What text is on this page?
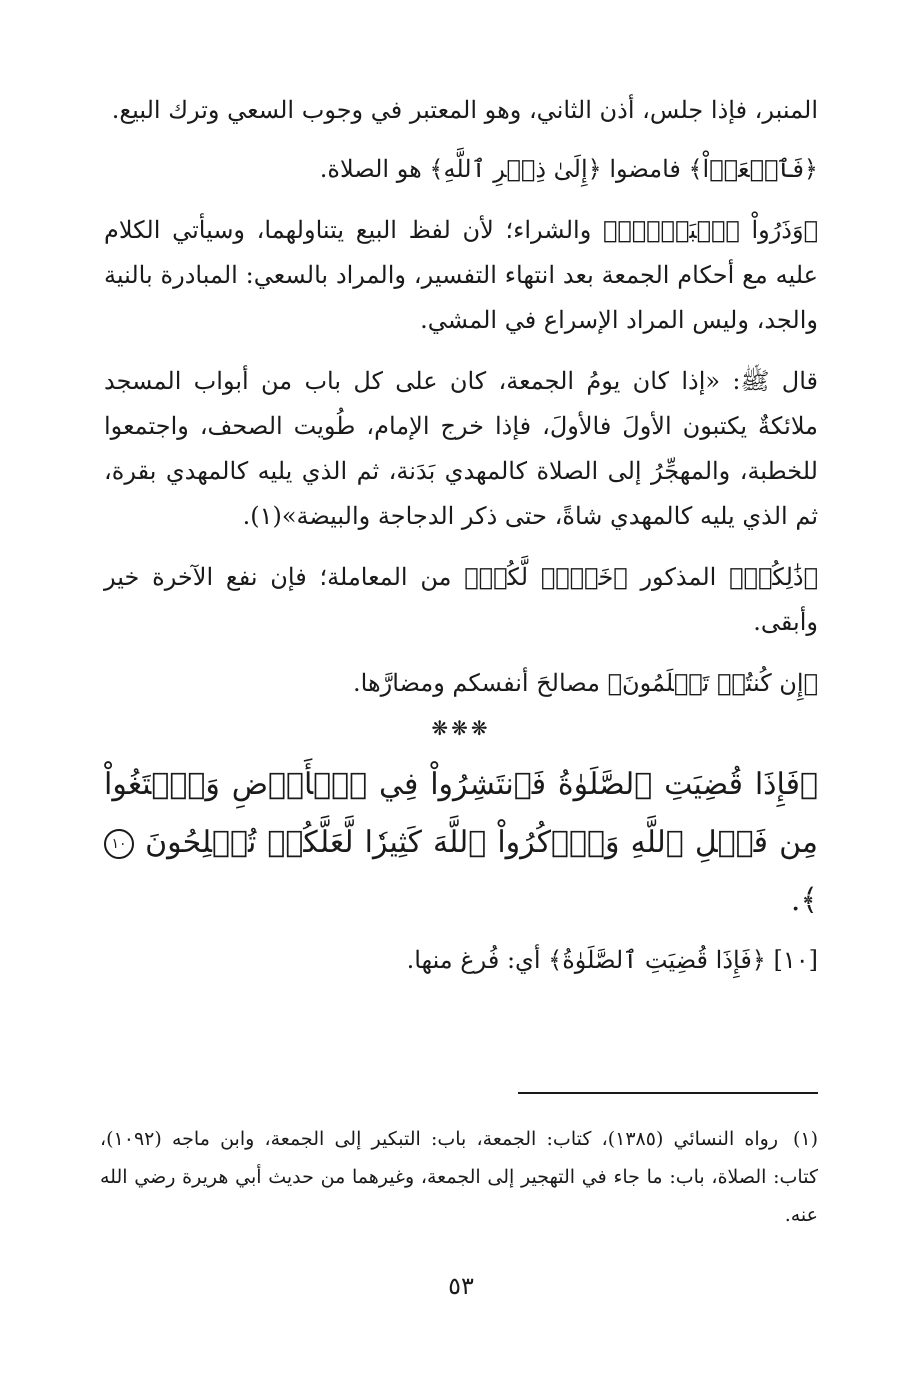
المنبر، فإذا جلس، أذن الثاني، وهو المعتبر في وجوب السعي وترك البيع.

﴿فَٱسۡعَوۡاْ﴾ فامضوا ﴿إِلَىٰ ذِكۡرِ ٱللَّهِ﴾ هو الصلاة.

﴿وَذَرُواْ ٱلۡبَيۡعَۚ﴾ والشراء؛ لأن لفظ البيع يتناولهما، وسيأتي الكلام عليه مع أحكام الجمعة بعد انتهاء التفسير، والمراد بالسعي: المبادرة بالنية والجد، وليس المراد الإسراع في المشي.

قال ﷺ: «إذا كان يومُ الجمعة، كان على كل باب من أبواب المسجد ملائكةٌ يكتبون الأولَ فالأولَ، فإذا خرج الإمام، طُويت الصحف، واجتمعوا للخطبة، والمهجِّرُ إلى الصلاة كالمهدي بَدَنة، ثم الذي يليه كالمهدي بقرة، ثم الذي يليه كالمهدي شاةً، حتى ذكر الدجاجة والبيضة»(١).

﴿ذَٰلِكُمۡ﴾ المذكور ﴿خَيۡرٞ لَّكُمۡ﴾ من المعاملة؛ فإن نفع الآخرة خير وأبقى.

﴿إِن كُنتُمۡ تَعۡلَمُونَ﴾ مصالحَ أنفسكم ومضارَّها.

❋❋❋

﴿فَإِذَا قُضِيَتِ ٱلصَّلَوٰةُ فَٱنتَشِرُواْ فِي ٱلۡأَرۡضِ وَٱبۡتَغُواْ مِن فَضۡلِ ٱللَّهِ وَٱذۡكُرُواْ ٱللَّهَ كَثِيرٗا لَّعَلَّكُمۡ تُفۡلِحُونَ ١٠﴾.

[١٠] ﴿فَإِذَا قُضِيَتِ ٱلصَّلَوٰةُ﴾ أي: فُرغ منها.

(١)رواه النسائي (١٣٨٥)، كتاب: الجمعة، باب: التبكير إلى الجمعة، وابن ماجه (١٠٩٢)، كتاب: الصلاة، باب: ما جاء في التهجير إلى الجمعة، وغيرهما من حديث أبي هريرة رضي الله عنه.
٥٣
